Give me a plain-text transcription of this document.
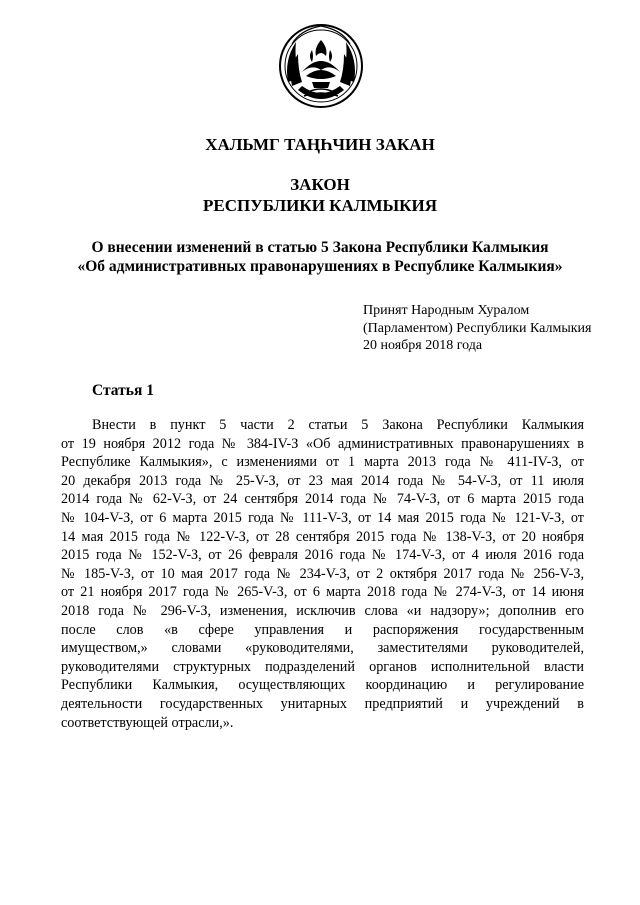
ХАЛЬМГ ТАҢҺЧИН ЗАКАН
ЗАКОН
РЕСПУБЛИКИ КАЛМЫКИЯ
О внесении изменений в статью 5 Закона Республики Калмыкия
«Об административных правонарушениях в Республике Калмыкия»
Принят Народным Хуралом
(Парламентом) Республики Калмыкия
20 ноября 2018 года
Статья 1

Внести в пункт 5 части 2 статьи 5 Закона Республики Калмыкия

от 19 ноября 2012 года № 384-IV-З «Об административных правонарушениях в

Республике Калмыкия», с изменениями от 1 марта 2013 года № 411-IV-З, от

20 декабря 2013 года № 25-V-З, от 23 мая 2014 года № 54-V-З, от 11 июля

2014 года № 62-V-З, от 24 сентября 2014 года № 74-V-З, от 6 марта 2015 года

№ 104-V-З, от 6 марта 2015 года № 111-V-З, от 14 мая 2015 года № 121-V-З, от

14 мая 2015 года № 122-V-З, от 28 сентября 2015 года № 138-V-З, от 20 ноября

2015 года № 152-V-З, от 26 февраля 2016 года № 174-V-З, от 4 июля 2016 года

№ 185-V-З, от 10 мая 2017 года № 234-V-З, от 2 октября 2017 года № 256-V-З,

от 21 ноября 2017 года № 265-V-З, от 6 марта 2018 года № 274-V-З, от 14 июня

2018 года № 296-V-З, изменения, исключив слова «и надзору»; дополнив его

после слов «в сфере управления и распоряжения государственным

имуществом,» словами «руководителями, заместителями руководителей,

руководителями структурных подразделений органов исполнительной власти

Республики Калмыкия, осуществляющих координацию и регулирование

деятельности государственных унитарных предприятий и учреждений в

соответствующей отрасли,».
